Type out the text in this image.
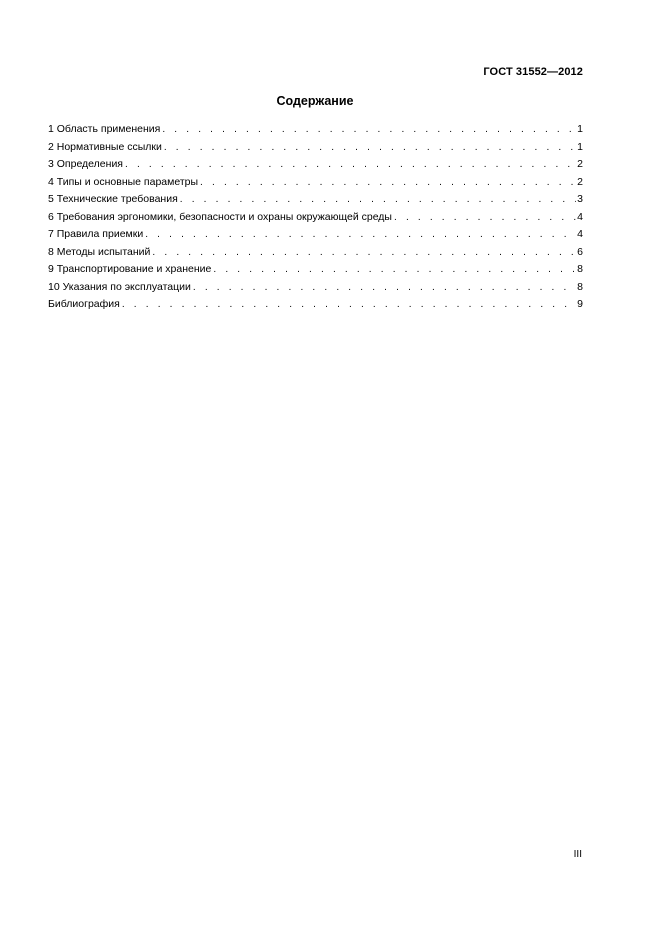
ГОСТ 31552—2012
Содержание
1 Область применения . . .	1
2 Нормативные ссылки . . .	1
3 Определения . . .	2
4 Типы и основные параметры . . .	2
5 Технические требования . . .	3
6 Требования эргономики, безопасности и охраны окружающей среды . . .	4
7 Правила приемки . . .	4
8 Методы испытаний . . .	6
9 Транспортирование и хранение . . .	8
10 Указания по эксплуатации . . .	8
Библиография . . .	9
III
